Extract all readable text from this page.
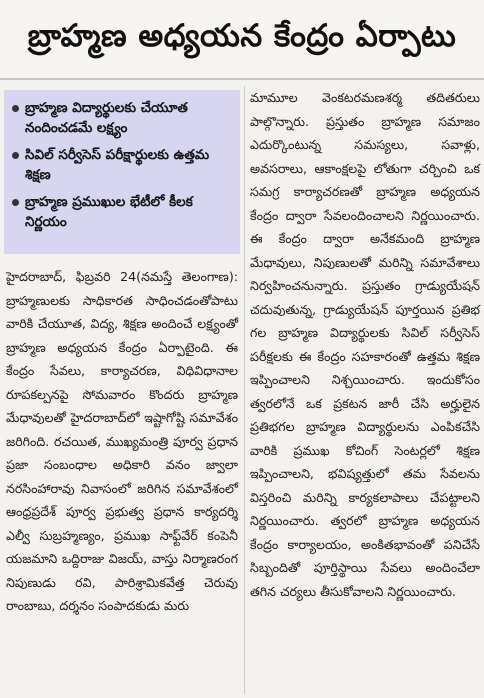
బ్రాహ్మణ అధ్యయన కేంద్రం ఏర్పాటు
బ్రాహ్మణ విద్యార్థులకు చేయూత నందించడమే లక్ష్యం
సివిల్ సర్వీసెస్ పరీక్షార్థులకు ఉత్తమ శిక్షణ
బ్రాహ్మణ ప్రముఖుల భేటీలో కీలక నిర్ణయం

హైదరాబాద్, ఫిబ్రవరి 24(నమస్తే తెలంగాణ): బ్రాహ్మణులకు సాధికారత సాధించడంతోపాటు వారికి చేయూత, విద్య, శిక్షణ అందించే లక్ష్యంతో బ్రాహ్మణ అధ్యయన కేంద్రం ఏర్పాటైంది. ఈ కేంద్రం సేవలు, కార్యాచరణ, విధివిధానాల రూపకల్పనపై సోమవారం కొందరు బ్రాహ్మణ మేధావులతో హైదరాబాద్‌లో ఇష్టాగోష్టి సమావేశం జరిగింది. రచయిత, ముఖ్యమంత్రి పూర్వ ప్రధాన ప్రజా సంబంధాల అధికారి వనం జ్వాలా నరసింహారావు నివాసంలో జరిగిన సమావేశంలో ఆంధ్రప్రదేశ్ పూర్వ ప్రభుత్వ ప్రధాన కార్యదర్శి ఎల్వీ సుబ్రహ్మణ్యం, ప్రముఖ సాఫ్ట్‌వేర్ కంపెనీ యజమాని ఒద్దిరాజు విజయ్, వాస్తు నిర్మాణరంగ నిపుణుడు రవి, పారిశ్రామికవేత్త చెరువు రాంబాబు, దర్శనం సంపాదకుడు మరు

మామూల వెంకటరమణశర్మ తదితరులు పాల్గొన్నారు. ప్రస్తుతం బ్రాహ్మణ సమాజం ఎదుర్కొంటున్న సమస్యలు, సవాళ్లు, అవసరాలు, ఆకాంక్షలపై లోతుగా చర్చించి ఒక సమగ్ర కార్యాచరణతో బ్రాహ్మణ అధ్యయన కేంద్రం ద్వారా సేవలందించాలని నిర్ణయించారు. ఈ కేంద్రం ద్వారా అనేకమంది బ్రాహ్మణ మేధావులు, నిపుణులతో మరిన్ని సమావేశాలు నిర్వహించనున్నారు. ప్రస్తుతం గ్రాడ్యుయేషన్ చదువుతున్న, గ్రాడ్యుయేషన్ పూర్తయిన ప్రతిభ గల బ్రాహ్మణ విద్యార్థులకు సివిల్ సర్వీసెస్ పరీక్షలకు ఈ కేంద్రం సహకారంతో ఉత్తమ శిక్షణ ఇప్పించాలని నిశ్చయించారు. ఇందుకోసం త్వరలోనే ఒక ప్రకటన జారీ చేసి అర్హులైన ప్రతిభగల బ్రాహ్మణ విద్యార్థులను ఎంపికచేసి వారికి ప్రముఖ కోచింగ్ సెంటర్లలో శిక్షణ ఇప్పించాలని, భవిష్యత్తులో తమ సేవలను విస్తరించి మరిన్ని కార్యకలాపాలు చేపట్టాలని నిర్ణయించారు. త్వరలో బ్రాహ్మణ అధ్యయన కేంద్రం కార్యాలయం, అంకితభావంతో పనిచేసే సిబ్బందితో పూర్తిస్థాయి సేవలు అందించేలా తగిన చర్యలు తీసుకోవాలని నిర్ణయించారు.
